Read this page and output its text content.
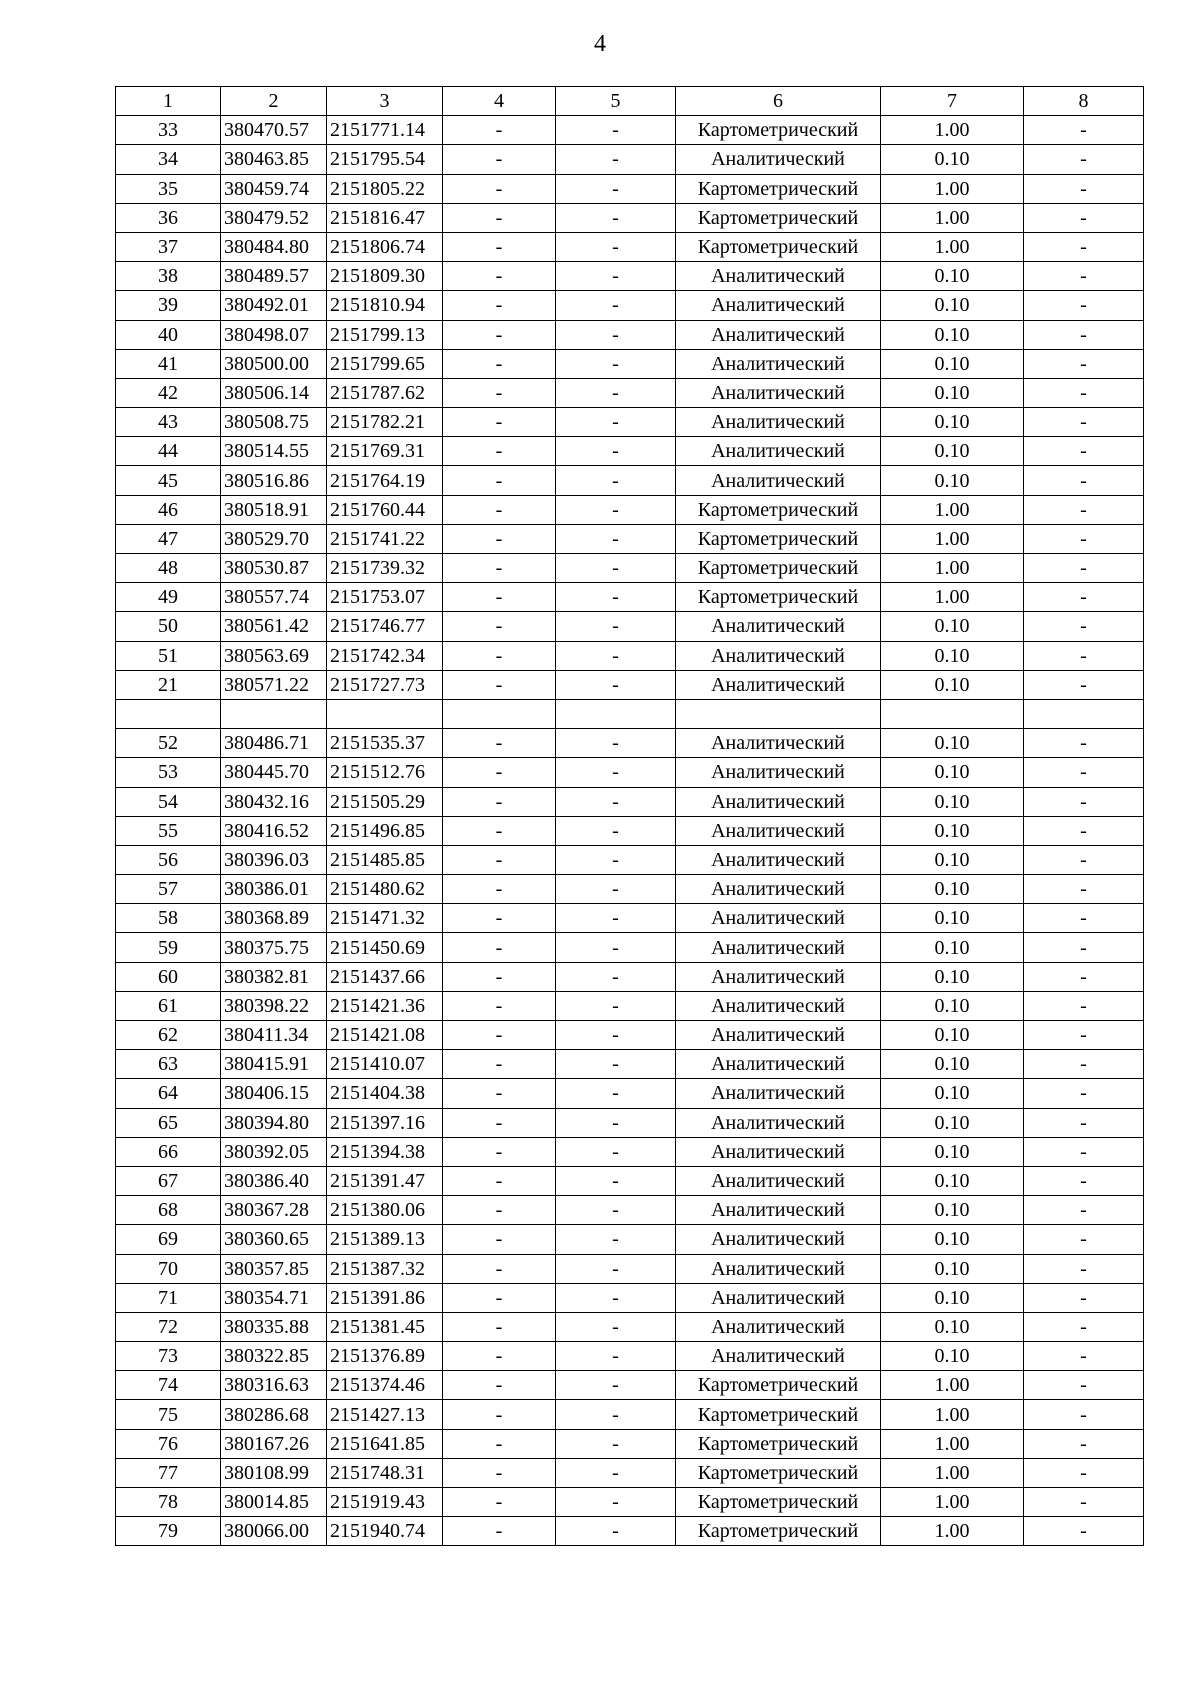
4
1	2	3	4	5	6	7	8
33	380470.57	2151771.14	-	-	Картометрический	1.00	-
34	380463.85	2151795.54	-	-	Аналитический	0.10	-
35	380459.74	2151805.22	-	-	Картометрический	1.00	-
36	380479.52	2151816.47	-	-	Картометрический	1.00	-
37	380484.80	2151806.74	-	-	Картометрический	1.00	-
38	380489.57	2151809.30	-	-	Аналитический	0.10	-
39	380492.01	2151810.94	-	-	Аналитический	0.10	-
40	380498.07	2151799.13	-	-	Аналитический	0.10	-
41	380500.00	2151799.65	-	-	Аналитический	0.10	-
42	380506.14	2151787.62	-	-	Аналитический	0.10	-
43	380508.75	2151782.21	-	-	Аналитический	0.10	-
44	380514.55	2151769.31	-	-	Аналитический	0.10	-
45	380516.86	2151764.19	-	-	Аналитический	0.10	-
46	380518.91	2151760.44	-	-	Картометрический	1.00	-
47	380529.70	2151741.22	-	-	Картометрический	1.00	-
48	380530.87	2151739.32	-	-	Картометрический	1.00	-
49	380557.74	2151753.07	-	-	Картометрический	1.00	-
50	380561.42	2151746.77	-	-	Аналитический	0.10	-
51	380563.69	2151742.34	-	-	Аналитический	0.10	-
21	380571.22	2151727.73	-	-	Аналитический	0.10	-

52	380486.71	2151535.37	-	-	Аналитический	0.10	-
53	380445.70	2151512.76	-	-	Аналитический	0.10	-
54	380432.16	2151505.29	-	-	Аналитический	0.10	-
55	380416.52	2151496.85	-	-	Аналитический	0.10	-
56	380396.03	2151485.85	-	-	Аналитический	0.10	-
57	380386.01	2151480.62	-	-	Аналитический	0.10	-
58	380368.89	2151471.32	-	-	Аналитический	0.10	-
59	380375.75	2151450.69	-	-	Аналитический	0.10	-
60	380382.81	2151437.66	-	-	Аналитический	0.10	-
61	380398.22	2151421.36	-	-	Аналитический	0.10	-
62	380411.34	2151421.08	-	-	Аналитический	0.10	-
63	380415.91	2151410.07	-	-	Аналитический	0.10	-
64	380406.15	2151404.38	-	-	Аналитический	0.10	-
65	380394.80	2151397.16	-	-	Аналитический	0.10	-
66	380392.05	2151394.38	-	-	Аналитический	0.10	-
67	380386.40	2151391.47	-	-	Аналитический	0.10	-
68	380367.28	2151380.06	-	-	Аналитический	0.10	-
69	380360.65	2151389.13	-	-	Аналитический	0.10	-
70	380357.85	2151387.32	-	-	Аналитический	0.10	-
71	380354.71	2151391.86	-	-	Аналитический	0.10	-
72	380335.88	2151381.45	-	-	Аналитический	0.10	-
73	380322.85	2151376.89	-	-	Аналитический	0.10	-
74	380316.63	2151374.46	-	-	Картометрический	1.00	-
75	380286.68	2151427.13	-	-	Картометрический	1.00	-
76	380167.26	2151641.85	-	-	Картометрический	1.00	-
77	380108.99	2151748.31	-	-	Картометрический	1.00	-
78	380014.85	2151919.43	-	-	Картометрический	1.00	-
79	380066.00	2151940.74	-	-	Картометрический	1.00	-
